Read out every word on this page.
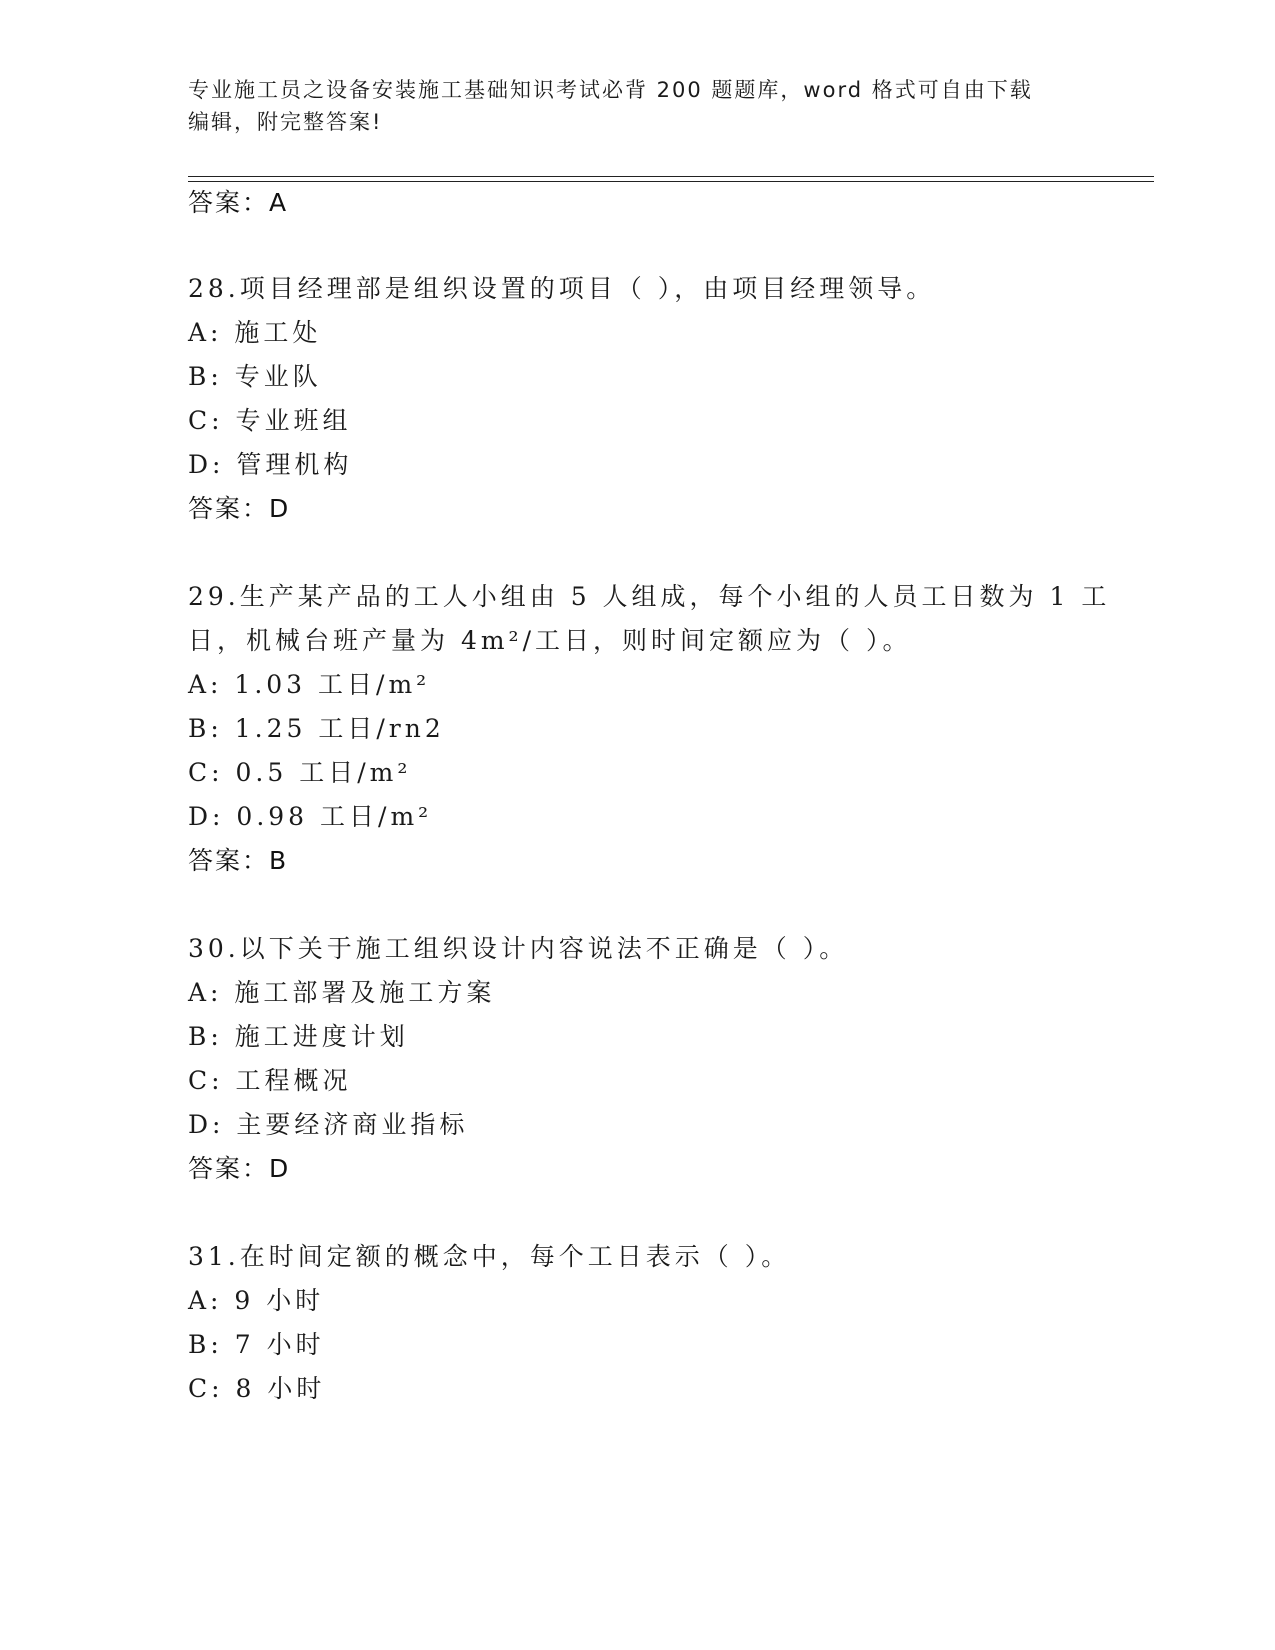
专业施工员之设备安装施工基础知识考试必背 200 题题库，word 格式可自由下载
编辑，附完整答案!
答案：A
28.项目经理部是组织设置的项目（ ），由项目经理领导。
A: 施工处
B: 专业队
C: 专业班组
D: 管理机构
答案：D
29.生产某产品的工人小组由 5 人组成，每个小组的人员工日数为 1 工
日，机械台班产量为 4m²/工日，则时间定额应为（ ）。
A: 1.03 工日/m²
B: 1.25 工日/rn2
C: 0.5 工日/m²
D: 0.98 工日/m²
答案：B
30.以下关于施工组织设计内容说法不正确是（ ）。
A: 施工部署及施工方案
B: 施工进度计划
C: 工程概况
D: 主要经济商业指标
答案：D
31.在时间定额的概念中，每个工日表示（ ）。
A: 9 小时
B: 7 小时
C: 8 小时
